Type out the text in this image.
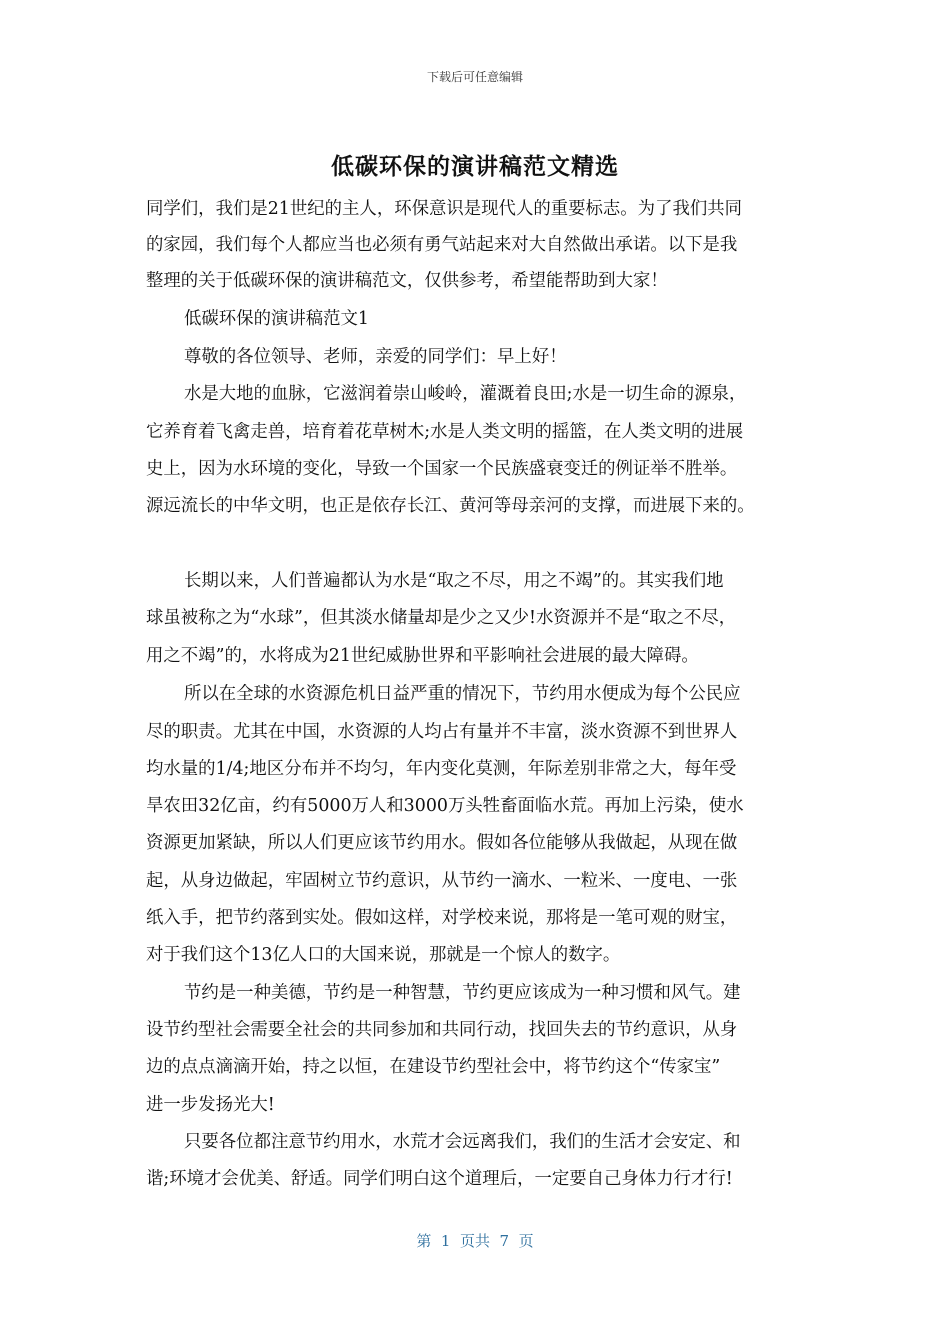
下载后可任意编辑
低碳环保的演讲稿范文精选
同学们，我们是21世纪的主人，环保意识是现代人的重要标志。为了我们共同
的家园，我们每个人都应当也必须有勇气站起来对大自然做出承诺。以下是我
整理的关于低碳环保的演讲稿范文，仅供参考，希望能帮助到大家！
低碳环保的演讲稿范文1
尊敬的各位领导、老师，亲爱的同学们：早上好！
水是大地的血脉，它滋润着崇山峻岭，灌溉着良田;水是一切生命的源泉，
它养育着飞禽走兽，培育着花草树木;水是人类文明的摇篮，在人类文明的进展
史上，因为水环境的变化，导致一个国家一个民族盛衰变迁的例证举不胜举。
源远流长的中华文明，也正是依存长江、黄河等母亲河的支撑，而进展下来的。
长期以来，人们普遍都认为水是“取之不尽，用之不竭”的。其实我们地
球虽被称之为“水球”，但其淡水储量却是少之又少!水资源并不是“取之不尽，
用之不竭”的，水将成为21世纪威胁世界和平影响社会进展的最大障碍。
所以在全球的水资源危机日益严重的情况下，节约用水便成为每个公民应
尽的职责。尤其在中国，水资源的人均占有量并不丰富，淡水资源不到世界人
均水量的1/4;地区分布并不均匀，年内变化莫测，年际差别非常之大，每年受
旱农田32亿亩，约有5000万人和3000万头牲畜面临水荒。再加上污染，使水
资源更加紧缺，所以人们更应该节约用水。假如各位能够从我做起，从现在做
起，从身边做起，牢固树立节约意识，从节约一滴水、一粒米、一度电、一张
纸入手，把节约落到实处。假如这样，对学校来说，那将是一笔可观的财宝，
对于我们这个13亿人口的大国来说，那就是一个惊人的数字。
节约是一种美德，节约是一种智慧，节约更应该成为一种习惯和风气。建
设节约型社会需要全社会的共同参加和共同行动，找回失去的节约意识，从身
边的点点滴滴开始，持之以恒，在建设节约型社会中，将节约这个“传家宝”
进一步发扬光大!
只要各位都注意节约用水，水荒才会远离我们，我们的生活才会安定、和
谐;环境才会优美、舒适。同学们明白这个道理后，一定要自己身体力行才行!
第  1  页共  7  页
